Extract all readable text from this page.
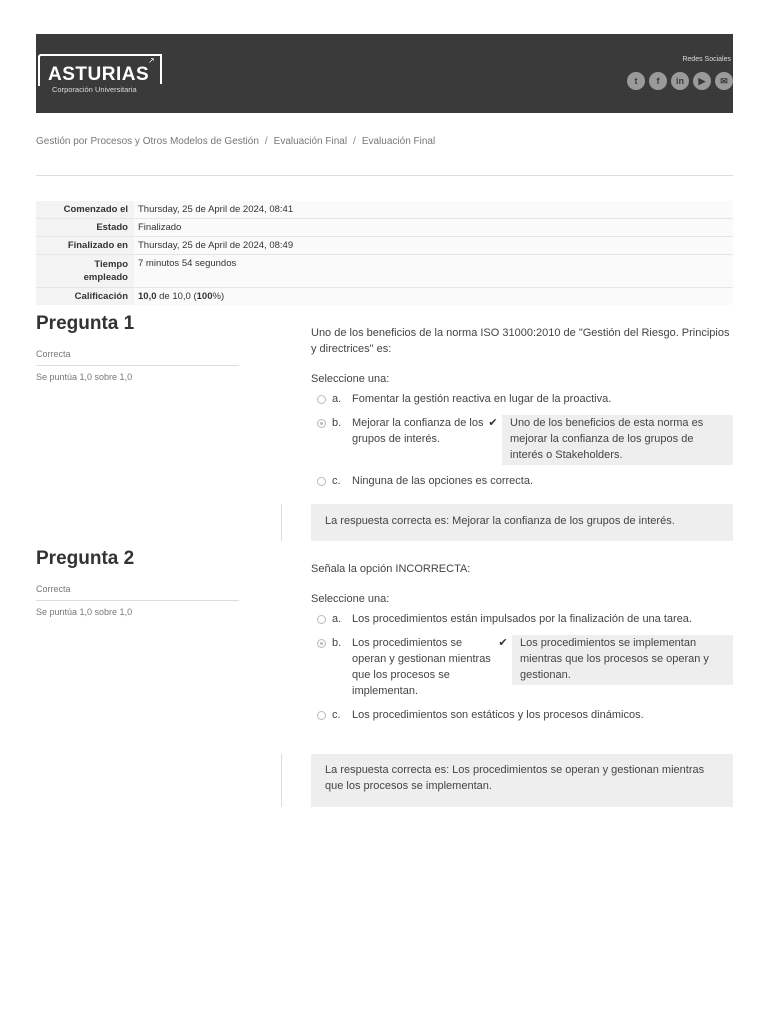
↗
ASTURIAS
Corporación Universitaria
Redes Sociales
t	f	in	▶	✉
Gestión por Procesos y Otros Modelos de Gestión / Evaluación Final / Evaluación Final
Comenzado el	Thursday, 25 de April de 2024, 08:41
Estado	Finalizado
Finalizado en	Thursday, 25 de April de 2024, 08:49
Tiempo
empleado	7 minutos 54 segundos
Calificación	10,0 de 10,0 (100%)
Pregunta 1
Correcta
Se puntúa 1,0 sobre 1,0
Uno de los beneficios de la norma ISO 31000:2010 de "Gestión del Riesgo. Principios y directrices" es:
Seleccione una:
a. Fomentar la gestión reactiva en lugar de la proactiva.
b. Mejorar la confianza de los grupos de interés.
✔	Uno de los beneficios de esta norma es mejorar la confianza de los grupos de interés o Stakeholders.
c.	Ninguna de las opciones es correcta.
La respuesta correcta es: Mejorar la confianza de los grupos de interés.
Pregunta 2
Correcta
Se puntúa 1,0 sobre 1,0
Señala la opción INCORRECTA:
Seleccione una:
a. Los procedimientos están impulsados por la finalización de una tarea.
b. Los procedimientos se operan y gestionan mientras que los procesos se implementan.
✔	Los procedimientos se implementan mientras que los procesos se operan y gestionan.
c.	Los procedimientos son estáticos y los procesos dinámicos.
La respuesta correcta es: Los procedimientos se operan y gestionan mientras que los procesos se implementan.
